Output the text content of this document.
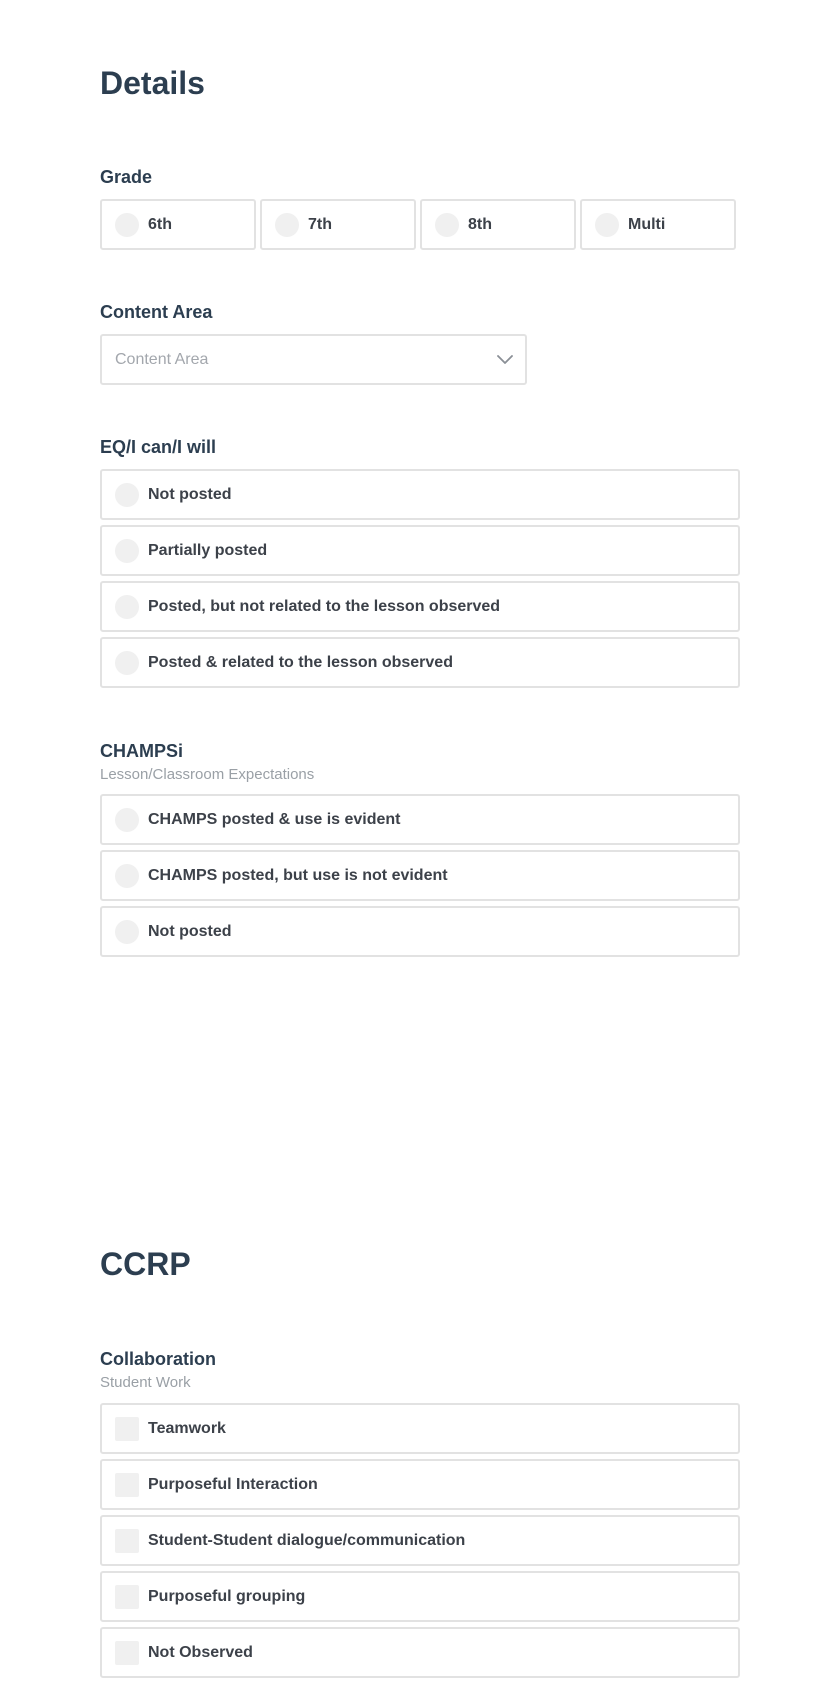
Details
Grade
6th	7th	8th	Multi
Content Area
Content Area
EQ/I can/I will
Not posted
Partially posted
Posted, but not related to the lesson observed
Posted & related to the lesson observed
CHAMPSi
Lesson/Classroom Expectations
CHAMPS posted & use is evident
CHAMPS posted, but use is not evident
Not posted
CCRP
Collaboration
Student Work
Teamwork
Purposeful Interaction
Student-Student dialogue/communication
Purposeful grouping
Not Observed
